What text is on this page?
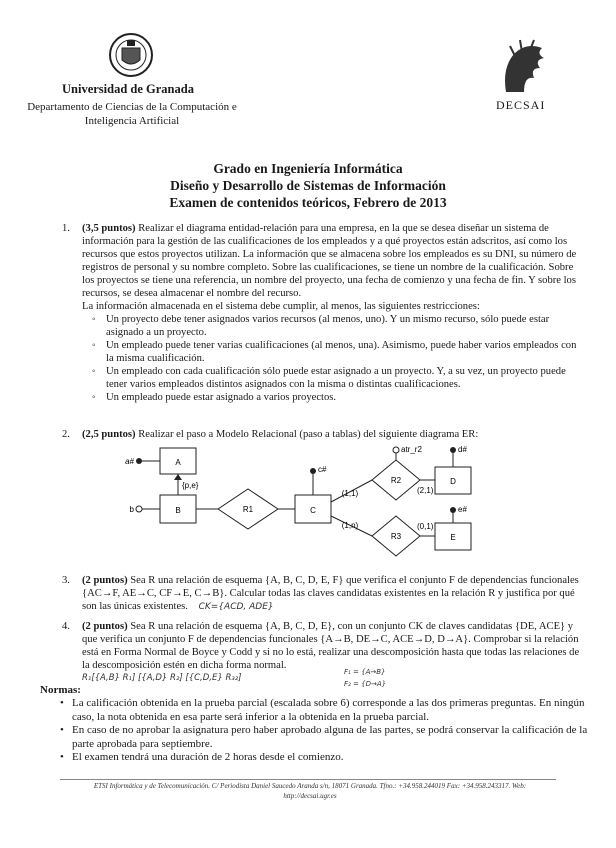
Universidad de Granada
Departamento de Ciencias de la Computación e Inteligencia Artificial
DECSAI
Grado en Ingeniería Informática
Diseño y Desarrollo de Sistemas de Información
Examen de contenidos teóricos, Febrero de 2013
1. (3,5 puntos) Realizar el diagrama entidad-relación para una empresa, en la que se desea diseñar un sistema de información para la gestión de las cualificaciones de los empleados y a qué proyectos están adscritos, así como los recursos que estos proyectos utilizan. La información que se almacena sobre los empleados es su DNI, su número de registros de personal y su nombre completo. Sobre las cualificaciones, se tiene un nombre de la cualificación. Sobre los proyectos se tiene una referencia, un nombre del proyecto, una fecha de comienzo y una fecha de fin. Y sobre los recursos, se desea almacenar el nombre del recurso.
La información almacenada en el sistema debe cumplir, al menos, las siguientes restricciones:
◦ Un proyecto debe tener asignados varios recursos (al menos, uno). Y un mismo recurso, sólo puede estar asignado a un proyecto.
◦ Un empleado puede tener varias cualificaciones (al menos, una). Asimismo, puede haber varios empleados con la misma cualificación.
◦ Un empleado con cada cualificación sólo puede estar asignado a un proyecto. Y, a su vez, un proyecto puede tener varios empleados distintos asignados con la misma o distintas cualificaciones.
◦ Un empleado puede estar asignado a varios proyectos.
2. (2,5 puntos) Realizar el paso a Modelo Relacional (paso a tablas) del siguiente diagrama ER:
A
B	C
D
E
R1
R2
R3
a#
b
c#
atr_r2	d#
e#
{p,e}
(1,1)	(2,1)
(1,n)	(0,1)
3. (2 puntos) Sea R una relación de esquema {A, B, C, D, E, F} que verifica el conjunto F de dependencias funcionales {AC→F, AE→C, CF→E, C→B}. Calcular todas las claves candidatas existentes en la relación R y justifica por qué son las únicas existentes. CK={ACD, ADE}
4. (2 puntos) Sea R una relación de esquema {A, B, C, D, E}, con un conjunto CK de claves candidatas {DE, ACE} y que verifica un conjunto F de dependencias funcionales {A→B, DE→C, ACE→D, D→A}. Comprobar si la relación está en Forma Normal de Boyce y Codd y si no lo está, realizar una descomposición hasta que todas las relaciones de la descomposición estén en dicha forma normal.
R₁[{A,B} R₁] [{A,D} R₂] [{C,D,E} R₃₂]
F₁ = {A→B}
F₂ = {D→A}
Normas:
• La calificación obtenida en la prueba parcial (escalada sobre 6) corresponde a las dos primeras preguntas. En ningún caso, la nota obtenida en esa parte será inferior a la obtenida en la prueba parcial.
• En caso de no aprobar la asignatura pero haber aprobado alguna de las partes, se podrá conservar la calificación de la parte aprobada para septiembre.
• El examen tendrá una duración de 2 horas desde el comienzo.
ETSI Informática y de Telecomunicación. C/ Periodista Daniel Saucedo Aranda s/n, 18071 Granada. Tfno.: +34.958.244019 Fax: +34.958.243317. Web: http://decsai.ugr.es
